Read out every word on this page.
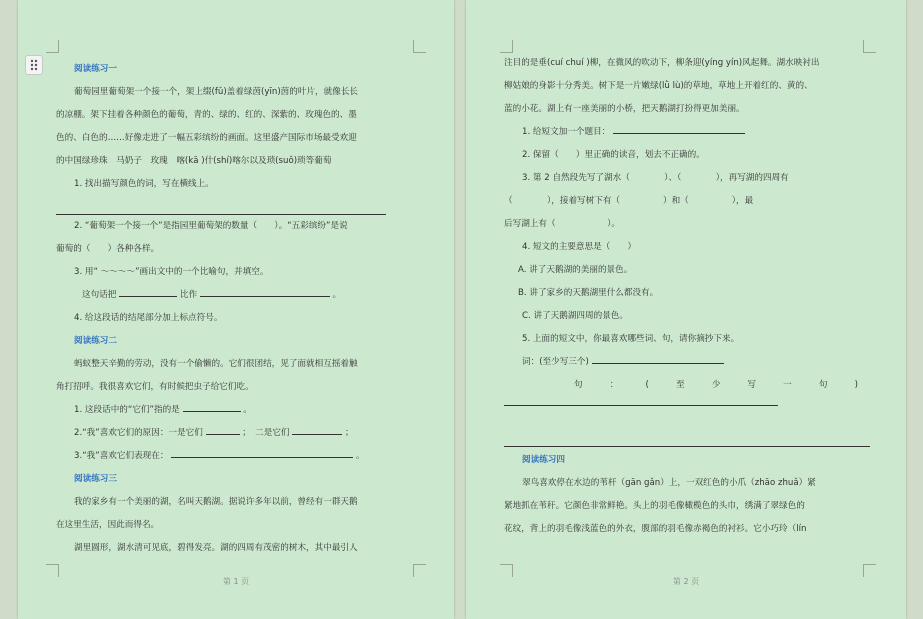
阅读练习一
葡萄园里葡萄架一个接一个，架上缀(fǔ)盖着绿茵(yīn)茵的叶片，就像长长
的凉棚。架下挂着各种颜色的葡萄，青的、绿的、红的、深紫的、玫瑰色的、墨
色的、白色的……好像走进了一幅五彩缤纷的画面。这里盛产国际市场最受欢迎
的中国绿珍珠　马奶子　玫瑰　喀(kā )什(shí)喀尔以及琐(suǒ)琐等葡萄
1. 找出描写颜色的词，写在横线上。
2. “葡萄架一个接一个”是指园里葡萄架的数量（　　）。“五彩缤纷”是说
葡萄的（　　）各种各样。
3. 用“ ～～～～”画出文中的一个比喻句，并填空。
这句话把	比作	。
4. 给这段话的结尾部分加上标点符号。
阅读练习二
蚂蚁整天辛勤的劳动，没有一个偷懒的。它们很团结，见了面就相互摇着触
角打招呼。我很喜欢它们，有时候把虫子给它们吃。
1. 这段话中的“它们”指的是	。
2.“我”喜欢它们的原因：一是它们	；　二是它们	；
3.“我”喜欢它们表现在：	。
阅读练习三
我的家乡有一个美丽的湖，名叫天鹅湖。据说许多年以前，曾经有一群天鹅
在这里生活，因此而得名。
湖里圆形，湖水清可见底，碧得发亮。湖的四周有茂密的树木，其中最引人
第 1 页
注目的是垂(cuí chuí )柳，在微风的吹动下，柳条迎(yíng yín)风起舞。湖水映衬出
柳姑娘的身影十分秀美。树下是一片嫩绿(lǜ lù)的草地，草地上开着红的、黄的、
蓝的小花。湖上有一座美丽的小桥，把天鹅湖打扮得更加美丽。
1. 给短文加一个题目：
2. 保留（　　）里正确的读音，划去不正确的。
3. 第 2 自然段先写了湖水（　　　　）、（　　　　），再写湖的四周有
（　　　　），接着写树下有（　　　　　）和（　　　　　），最
后写湖上有（　　　　　　）。
4. 短文的主要意思是（　　）
A. 讲了天鹅湖的美丽的景色。
B. 讲了家乡的天鹅湖里什么都没有。
C. 讲了天鹅湖四周的景色。
5. 上面的短文中，你最喜欢哪些词、句，请你摘抄下来。
词：(至少写三个)
句	：	(	至	少	写	一	句	)
阅读练习四
翠鸟喜欢停在水边的苇杆（gān gǎn）上，一双红色的小爪（zhāo zhuǎ）紧
紧地抓在苇秆。它颜色非常鲜艳。头上的羽毛像橄榄色的头巾，绣满了翠绿色的
花纹，背上的羽毛像浅蓝色的外衣，腹部的羽毛像赤褐色的衬衫。它小巧玲（lín
第 2 页
